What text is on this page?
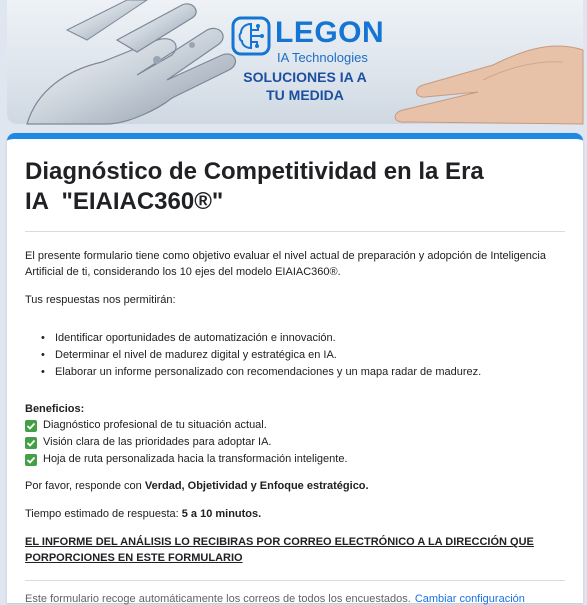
LEGON
IA Technologies
SOLUCIONES IA A
TU MEDIDA
Diagnóstico de Competitividad en la Era
IA  "EIAIAC360®"
El presente formulario tiene como objetivo evaluar el nivel actual de preparación y adopción de Inteligencia Artificial de ti, considerando los 10 ejes del modelo EIAIAC360®.
Tus respuestas nos permitirán:
• Identificar oportunidades de automatización e innovación.
• Determinar el nivel de madurez digital y estratégica en IA.
• Elaborar un informe personalizado con recomendaciones y un mapa radar de madurez.
Beneficios:
Diagnóstico profesional de tu situación actual.
Visión clara de las prioridades para adoptar IA.
Hoja de ruta personalizada hacia la transformación inteligente.
Por favor, responde con Verdad, Objetividad y Enfoque estratégico.
Tiempo estimado de respuesta: 5 a 10 minutos.
EL INFORME DEL ANÁLISIS LO RECIBIRAS POR CORREO ELECTRÓNICO A LA DIRECCIÓN QUE PORPORCIONES EN ESTE FORMULARIO
Este formulario recoge automáticamente los correos de todos los encuestados. Cambiar configuración
